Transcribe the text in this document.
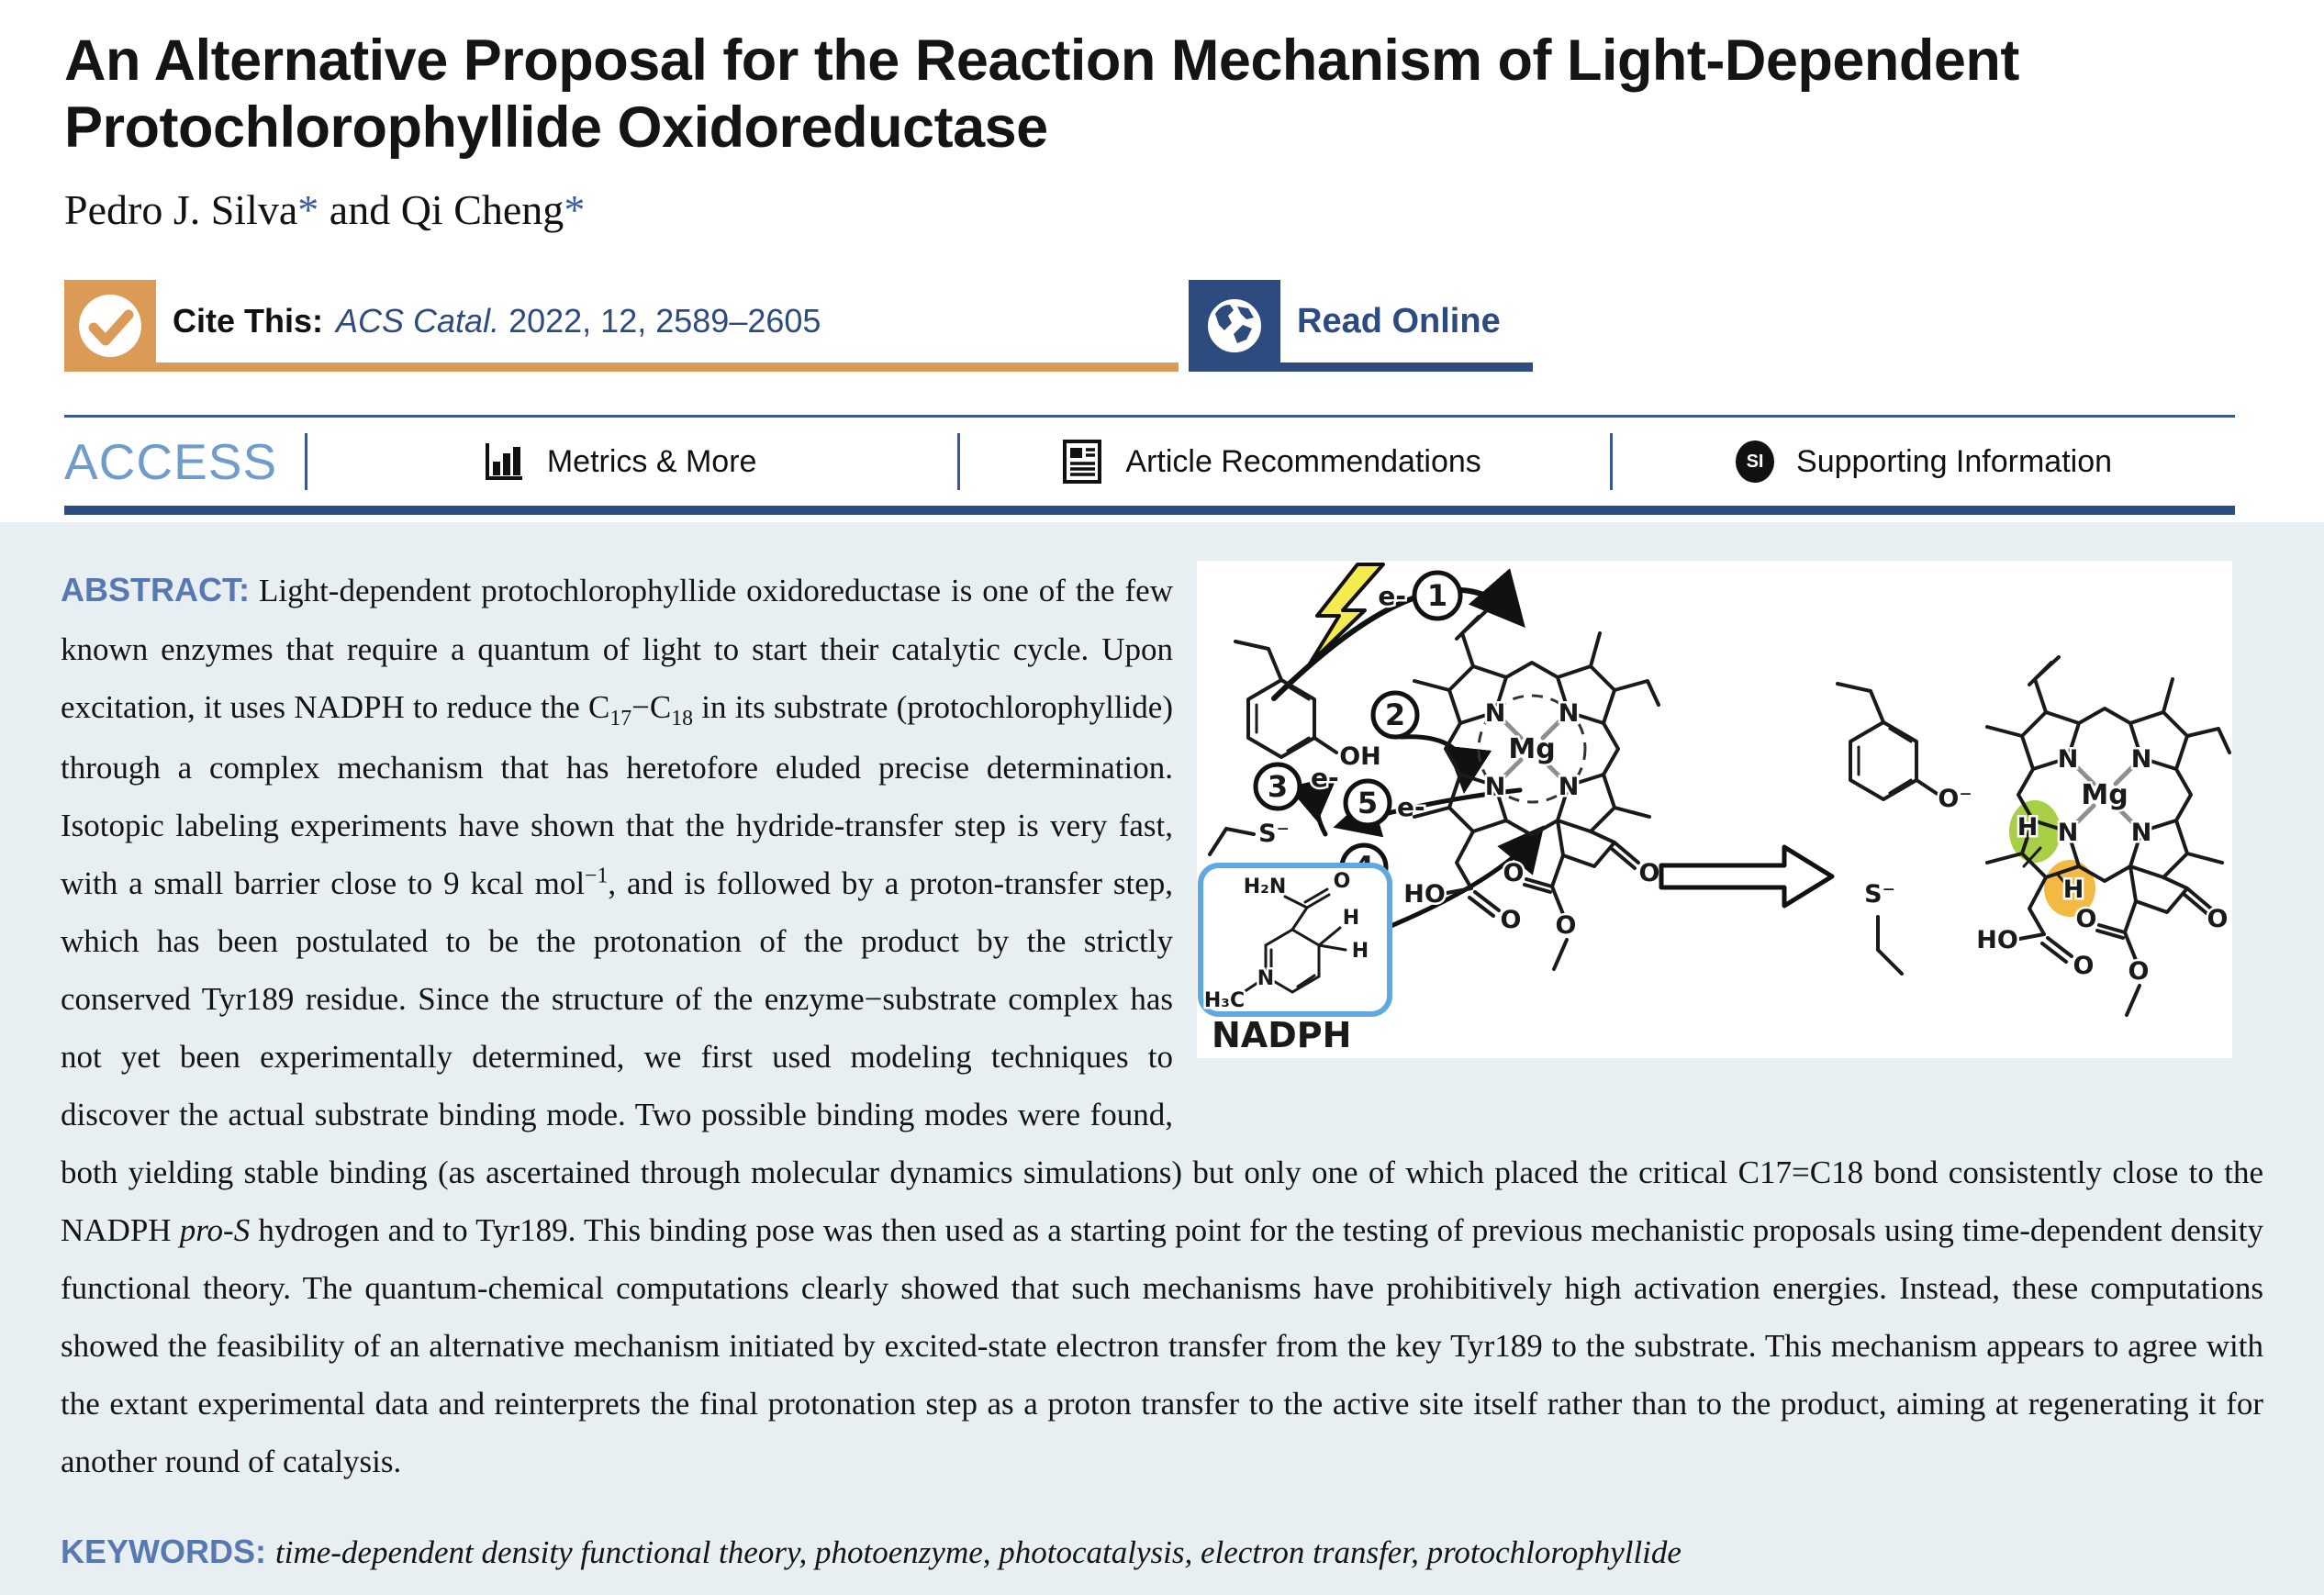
An Alternative Proposal for the Reaction Mechanism of Light-Dependent Protochlorophyllide Oxidoreductase
Pedro J. Silva* and Qi Cheng*
Cite This: ACS Catal. 2022, 12, 2589–2605	Read Online
ACCESS	Metrics & More	Article Recommendations	SI	Supporting Information
1
2
3 5
e-
e-
e-
OH
S⁻
N N
N N
Mg
HO
O
O
O
O
N
H₃C
H₂N O
H
H
NADPH
O⁻
S⁻
N N
N N
Mg
H
H
HO
O
O
O
O

ABSTRACT: Light-dependent protochlorophyllide oxidoreductase is one of the few known enzymes that require a quantum of light to start their catalytic cycle. Upon excitation, it uses NADPH to reduce the $C_{17}-C_{18}$ in its substrate (protochlorophyllide) through a complex mechanism that has heretofore eluded precise determination. Isotopic labeling experiments have shown that the hydride-transfer step is very fast, with a small barrier close to 9 kcal mol$^{-1}$, and is followed by a proton-transfer step, which has been postulated to be the protonation of the product by the strictly conserved Tyr189 residue. Since the structure of the enzyme−substrate complex has not yet been experimentally determined, we first used modeling techniques to discover the actual substrate binding mode. Two possible binding modes were found, both yielding stable binding (as ascertained through molecular dynamics simulations) but only one of which placed the critical C17=C18 bond consistently close to the NADPH pro-S hydrogen and to Tyr189. This binding pose was then used as a starting point for the testing of previous mechanistic proposals using time-dependent density functional theory. The quantum-chemical computations clearly showed that such mechanisms have prohibitively high activation energies. Instead, these computations showed the feasibility of an alternative mechanism initiated by excited-state electron transfer from the key Tyr189 to the substrate. This mechanism appears to agree with the extant experimental data and reinterprets the final protonation step as a proton transfer to the active site itself rather than to the product, aiming at regenerating it for another round of catalysis.

KEYWORDS: time-dependent density functional theory, photoenzyme, photocatalysis, electron transfer, protochlorophyllide
